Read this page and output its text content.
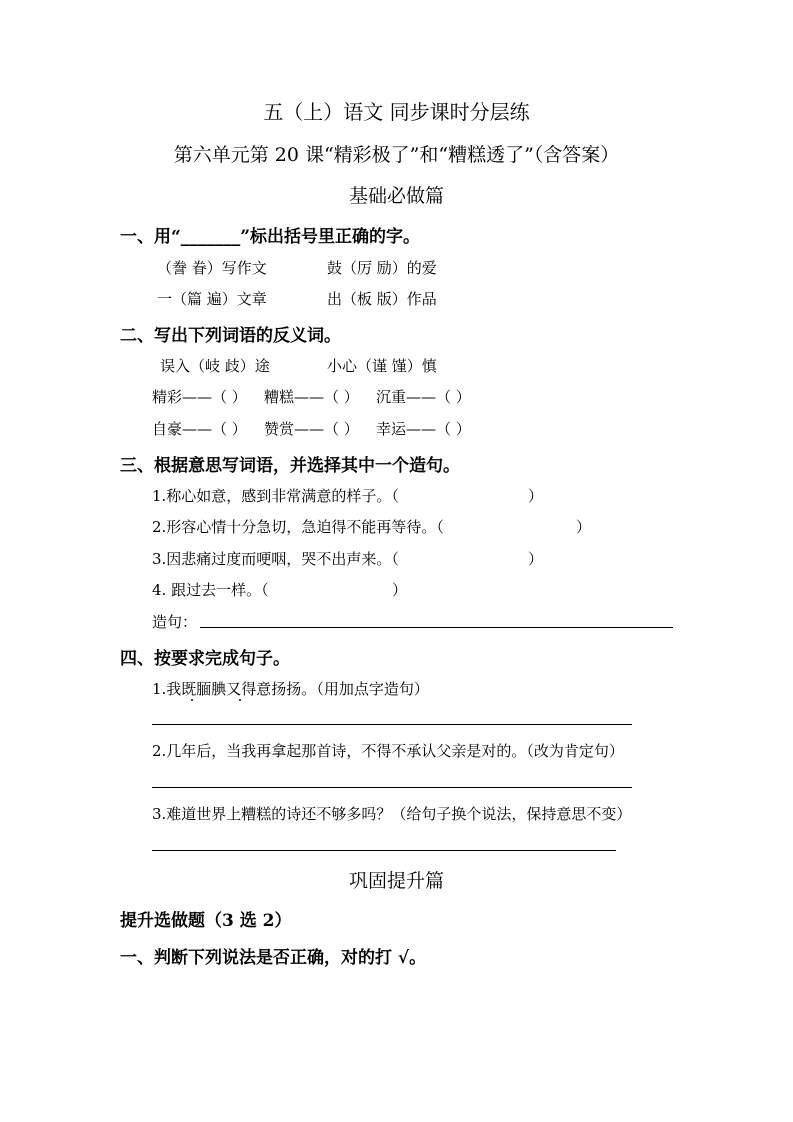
五（上）语文 同步课时分层练
第六单元第 20 课“精彩极了”和“糟糕透了”（含答案）
基础必做篇
一、用“_______”标出括号里正确的字。
（誊 眷）写作文	鼓（厉 励）的爱
一（篇 遍）文章	出（板 版）作品
二、写出下列词语的反义词。
误入（岐 歧）途	小心（谨 馑）慎
精彩——（ ） 糟糕——（ ） 沉重——（ ）
自豪——（ ） 赞赏——（ ） 幸运——（ ）
三、根据意思写词语，并选择其中一个造句。
1.称心如意，感到非常满意的样子。（	）
2.形容心情十分急切，急迫得不能再等待。（	）
3.因悲痛过度而哽咽，哭不出声来。（	）
4. 跟过去一样。（	）
造句：
四、按要求完成句子。
1.我既腼腆又得意扬扬。（用加点字造句）
2.几年后，当我再拿起那首诗，不得不承认父亲是对的。（改为肯定句）
3.难道世界上糟糕的诗还不够多吗？（给句子换个说法，保持意思不变）
巩固提升篇
提升选做题（3 选 2）
一、判断下列说法是否正确，对的打 √。
